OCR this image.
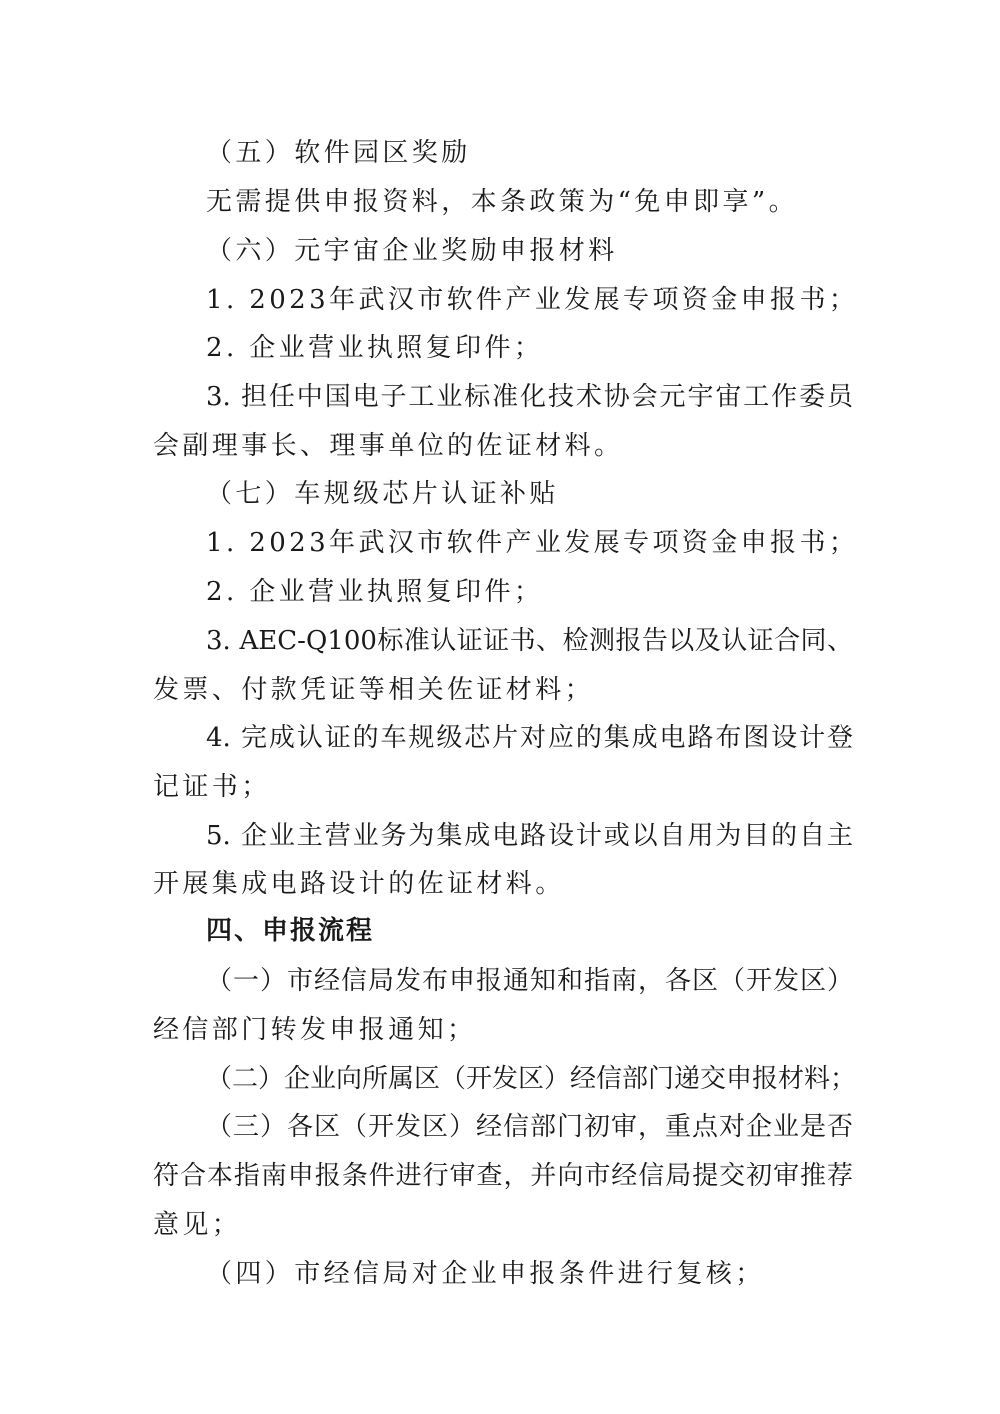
（五）软件园区奖励
无需提供申报资料，本条政策为“免申即享”。
（六）元宇宙企业奖励申报材料
1. 2023年武汉市软件产业发展专项资金申报书；
2. 企业营业执照复印件；
3. 担任中国电子工业标准化技术协会元宇宙工作委员
会副理事长、理事单位的佐证材料。
（七）车规级芯片认证补贴
1. 2023年武汉市软件产业发展专项资金申报书；
2. 企业营业执照复印件；
3. AEC-Q100标准认证证书、检测报告以及认证合同、
发票、付款凭证等相关佐证材料；
4. 完成认证的车规级芯片对应的集成电路布图设计登
记证书；
5. 企业主营业务为集成电路设计或以自用为目的自主
开展集成电路设计的佐证材料。
四、申报流程
（一）市经信局发布申报通知和指南，各区（开发区）
经信部门转发申报通知；
（二）企业向所属区（开发区）经信部门递交申报材料；
（三）各区（开发区）经信部门初审，重点对企业是否
符合本指南申报条件进行审查，并向市经信局提交初审推荐
意见；
（四）市经信局对企业申报条件进行复核；
